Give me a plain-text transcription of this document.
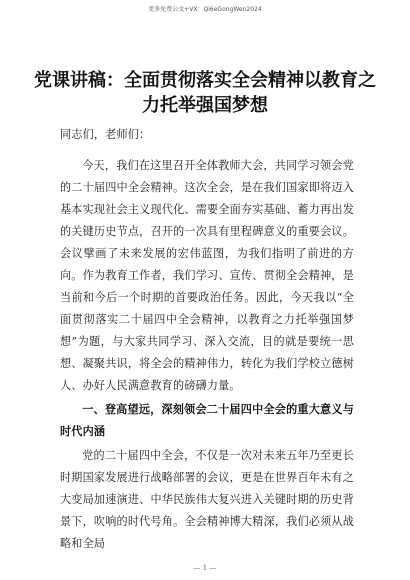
更多免费公文+VX：Qi6eGongWen2024
党课讲稿：全面贯彻落实全会精神以教育之力托举强国梦想

同志们，老师们：

今天，我们在这里召开全体教师大会，共同学习领会党的二十届四中全会精神。这次全会，是在我们国家即将迈入基本实现社会主义现代化、需要全面夯实基础、蓄力再出发的关键历史节点，召开的一次具有里程碑意义的重要会议。会议擘画了未来发展的宏伟蓝图，为我们指明了前进的方向。作为教育工作者，我们学习、宣传、贯彻全会精神，是当前和今后一个时期的首要政治任务。因此，今天我以“全面贯彻落实二十届四中全会精神，以教育之力托举强国梦想”为题，与大家共同学习、深入交流，目的就是要统一思想、凝聚共识，将全会的精神伟力，转化为我们学校立德树人、办好人民满意教育的磅礴力量。

一、登高望远，深刻领会二十届四中全会的重大意义与时代内涵

党的二十届四中全会，不仅是一次对未来五年乃至更长时期国家发展进行战略部署的会议，更是在世界百年未有之大变局加速演进、中华民族伟大复兴进入关键时期的历史背景下，吹响的时代号角。全会精神博大精深，我们必须从战略和全局

— 1 —
